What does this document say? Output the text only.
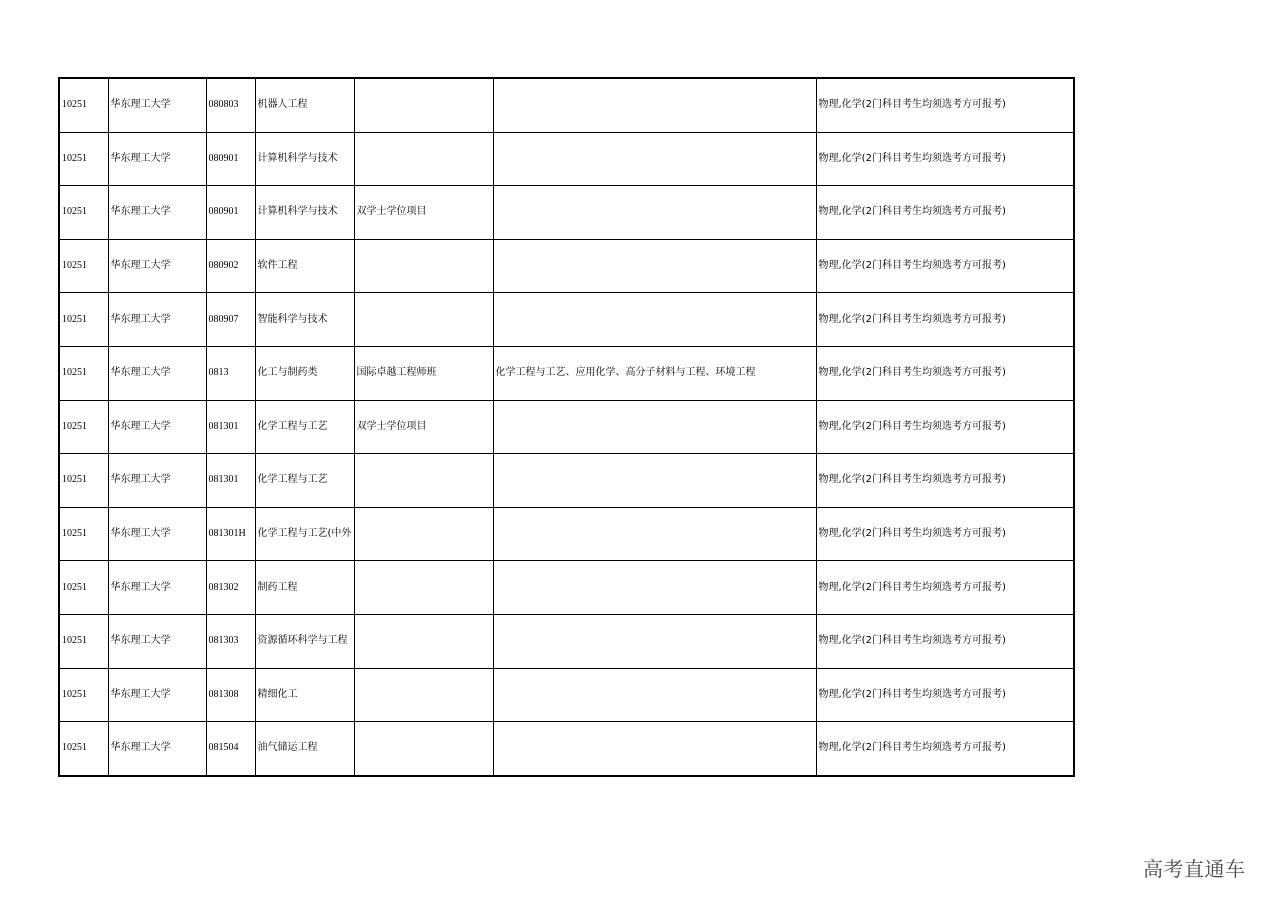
10251	华东理工大学	080803	机器人工程			物理,化学(2门科目考生均须选考方可报考)
10251	华东理工大学	080901	计算机科学与技术			物理,化学(2门科目考生均须选考方可报考)
10251	华东理工大学	080901	计算机科学与技术	双学士学位项目		物理,化学(2门科目考生均须选考方可报考)
10251	华东理工大学	080902	软件工程			物理,化学(2门科目考生均须选考方可报考)
10251	华东理工大学	080907	智能科学与技术			物理,化学(2门科目考生均须选考方可报考)
10251	华东理工大学	0813	化工与制药类	国际卓越工程师班	化学工程与工艺、应用化学、高分子材料与工程、环境工程	物理,化学(2门科目考生均须选考方可报考)
10251	华东理工大学	081301	化学工程与工艺	双学士学位项目		物理,化学(2门科目考生均须选考方可报考)
10251	华东理工大学	081301	化学工程与工艺			物理,化学(2门科目考生均须选考方可报考)
10251	华东理工大学	081301H	化学工程与工艺(中外			物理,化学(2门科目考生均须选考方可报考)
10251	华东理工大学	081302	制药工程			物理,化学(2门科目考生均须选考方可报考)
10251	华东理工大学	081303	资源循环科学与工程			物理,化学(2门科目考生均须选考方可报考)
10251	华东理工大学	081308	精细化工			物理,化学(2门科目考生均须选考方可报考)
10251	华东理工大学	081504	油气储运工程			物理,化学(2门科目考生均须选考方可报考)
高考直通车
